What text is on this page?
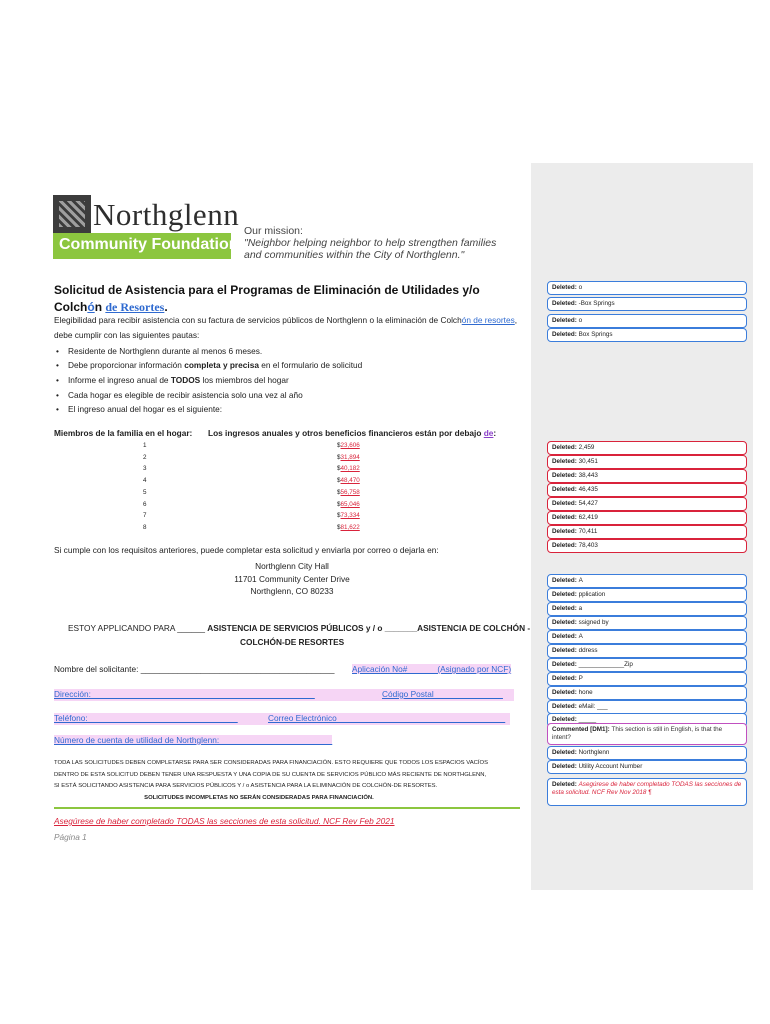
Northglenn
Community Foundation
Our mission:
"Neighbor helping neighbor to help strengthen families and communities within the City of Northglenn."
Solicitud de Asistencia para el Programas de Eliminación de Utilidades y/o Colchón de Resortes.
Elegibilidad para recibir asistencia con su factura de servicios públicos de Northglenn o la eliminación de Colchón de resortes, debe cumplir con las siguientes pautas:
• Residente de Northglenn durante al menos 6 meses.
• Debe proporcionar información completa y precisa en el formulario de solicitud
• Informe el ingreso anual de TODOS los miembros del hogar
• Cada hogar es elegible de recibir asistencia solo una vez al año
• El ingreso anual del hogar es el siguiente:
Miembros de la familia en el hogar: Los ingresos anuales y otros beneficios financieros están por debajo de:
1	$23,606
2	$31,894
3	$40,182
4	$48,470
5	$56,758
6	$65,046
7	$73,334
8	$81,622
Si cumple con los requisitos anteriores, puede completar esta solicitud y enviarla por correo o dejarla en:
Northglenn City Hall
11701 Community Center Drive
Northglenn, CO 80233
ESTOY APPLICANDO PARA ______ ASISTENCIA DE SERVICIOS PÚBLICOS y / o _______ASISTENCIA DE COLCHÓN -
COLCHÓN-DE RESORTES
Nombre del solicitante: __________________________________________ Aplicación No#______ (Asignado por NCF)
Dirección: ________________________________________________	Código Postal_______________
Teléfono: ________________________________	Correo Electrónico ____________________________________
Número de cuenta de utilidad de Northglenn: ________________________
TODA LAS SOLICITUDES DEBEN COMPLETARSE PARA SER CONSIDERADAS PARA FINANCIACIÓN. ESTO REQUIERE QUE TODOS LOS ESPACIOS VACÍOS
DENTRO DE ESTA SOLICITUD DEBEN TENER UNA RESPUESTA Y UNA COPIA DE SU CUENTA DE SERVICIOS PÚBLICO MÁS RECIENTE DE NORTHGLENN,
SI ESTÁ SOLICITANDO ASISTENCIA PARA SERVICIOS PÚBLICOS Y / o ASISTENCIA PARA LA ELIMINACIÓN DE COLCHÓN-DE RESORTES.
SOLICITUDES INCOMPLETAS NO SERÁN CONSIDERADAS PARA FINANCIACIÓN.
Asegúrese de haber completado TODAS las secciones de esta solicitud. NCF Rev Feb 2021
Página 1
Deleted: o
Deleted: -Box Springs
Deleted: o
Deleted: Box Springs
Deleted: 2,459
Deleted: 30,451
Deleted: 38,443
Deleted: 46,435
Deleted: 54,427
Deleted: 62,419
Deleted: 70,411
Deleted: 78,403
Deleted: A
Deleted: pplication
Deleted: a
Deleted: ssigned by
Deleted: A
Deleted: ddress
Deleted: _____________Zip
Deleted: P
Deleted: hone
Deleted: eMail: ___
Deleted: _____
Commented [DM1]: This section is still in English, is that the intent?
Deleted: Northglenn
Deleted: Utility Account Number
Deleted: Asegúrese de haber completado TODAS las secciones de esta solicitud. NCF Rev Nov 2018 ¶
